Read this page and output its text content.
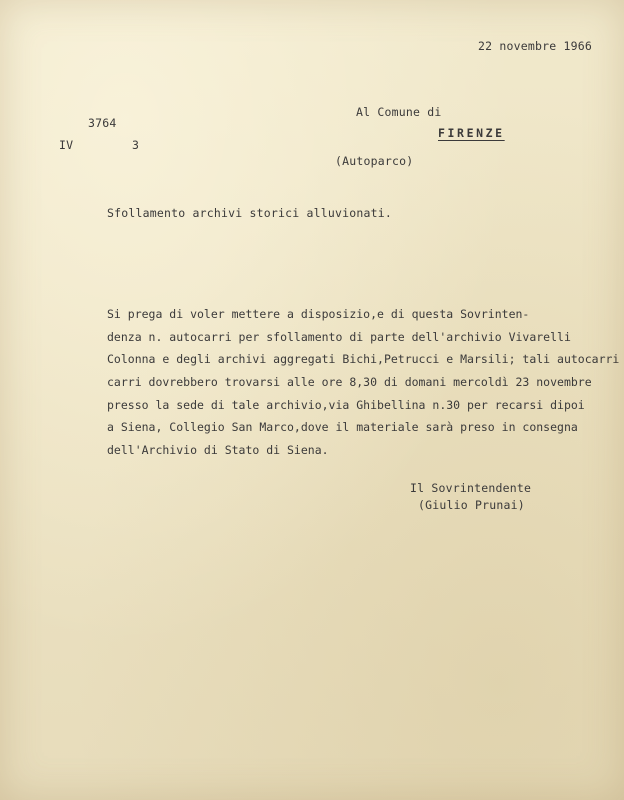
22 novembre 1966
3764
IV	3
Al Comune di
FIRENZE
(Autoparco)
Sfollamento archivi storici alluvionati.
Si prega di voler mettere a disposizio,e di questa Sovrinten-
denza n. autocarri per sfollamento di parte dell'archivio Vivarelli
Colonna e degli archivi aggregati Bichi,Petrucci e Marsili; tali autocarri
carri dovrebbero trovarsi alle ore 8,30 di domani mercoldì 23 novembre
presso la sede di tale archivio,via Ghibellina n.30 per recarsi dipoi
a Siena, Collegio San Marco,dove il materiale sarà preso in consegna
dell'Archivio di Stato di Siena.
Il Sovrintendente
(Giulio Prunai)
